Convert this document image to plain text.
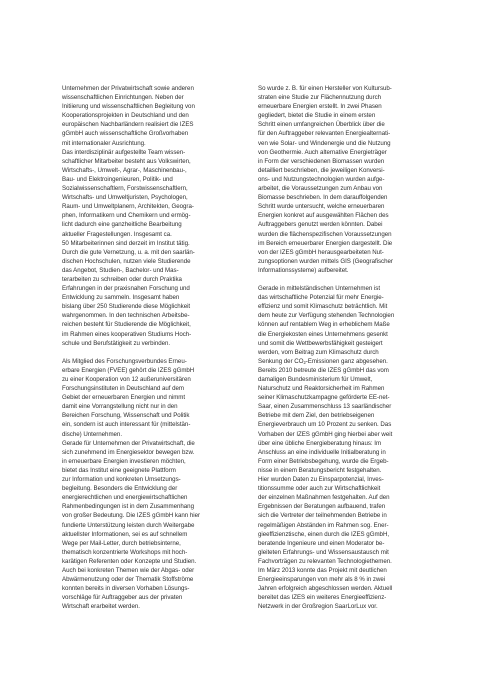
Unternehmen der Privatwirtschaft sowie anderen
wissenschaftlichen Einrichtungen. Neben der
Initiierung und wissenschaftlichen Begleitung von
Kooperationsprojekten in Deutschland und den
europäischen Nachbarländern realisiert die IZES
gGmbH auch wissenschaftliche Großvorhaben
mit internationaler Ausrichtung.
Das interdisziplinär aufgestellte Team wissen-
schaftlicher Mitarbeiter besteht aus Volkswirten,
Wirtschafts-, Umwelt-, Agrar-, Maschinenbau-,
Bau- und Elektroingenieuren, Politik- und
Sozialwissenschaftlern, Forstwissenschaftlern,
Wirtschafts- und Umweltjuristen, Psychologen,
Raum- und Umweltplanern, Architekten, Geogra-
phen, Informatikern und Chemikern und ermög-
licht dadurch eine ganzheitliche Bearbeitung
aktueller Fragestellungen. Insgesamt ca.
50 Mitarbeiterinnen sind derzeit im Institut tätig.
Durch die gute Vernetzung, u. a. mit den saarlän-
dischen Hochschulen, nutzen viele Studierende
das Angebot, Studien-, Bachelor- und Mas-
terarbeiten zu schreiben oder durch Praktika
Erfahrungen in der praxisnahen Forschung und
Entwicklung zu sammeln. Insgesamt haben
bislang über 250 Studierende diese Möglichkeit
wahrgenommen. In den technischen Arbeitsbe-
reichen besteht für Studierende die Möglichkeit,
im Rahmen eines kooperativen Studiums Hoch-
schule und Berufstätigkeit zu verbinden.
Als Mitglied des Forschungsverbundes Erneu-
erbare Energien (FVEE) gehört die IZES gGmbH
zu einer Kooperation von 12 außeruniversitären
Forschungsinstituten in Deutschland auf dem
Gebiet der erneuerbaren Energien und nimmt
damit eine Vorrangstellung nicht nur in den
Bereichen Forschung, Wissenschaft und Politik
ein, sondern ist auch interessant für (mittelstän-
dische) Unternehmen.
Gerade für Unternehmen der Privatwirtschaft, die
sich zunehmend im Energiesektor bewegen bzw.
in erneuerbare Energien investieren möchten,
bietet das Institut eine geeignete Plattform
zur Information und konkreten Umsetzungs-
begleitung. Besonders die Entwicklung der
energierechtlichen und energiewirtschaftlichen
Rahmenbedingungen ist in dem Zusammenhang
von großer Bedeutung. Die IZES gGmbH kann hier
fundierte Unterstützung leisten durch Weitergabe
aktuellster Informationen, sei es auf schnellem
Wege per Mail-Letter, durch betriebsinterne,
thematisch konzentrierte Workshops mit hoch-
karätigen Referenten oder Konzepte und Studien.
Auch bei konkreten Themen wie der Abgas- oder
Abwärmenutzung oder der Thematik Stoffströme
konnten bereits in diversen Vorhaben Lösungs-
vorschläge für Auftraggeber aus der privaten
Wirtschaft erarbeitet werden.
So wurde z. B. für einen Hersteller von Kultursub-
straten eine Studie zur Flächennutzung durch
erneuerbare Energien erstellt. In zwei Phasen
gegliedert, bietet die Studie in einem ersten
Schritt einen umfangreichen Überblick über die
für den Auftraggeber relevanten Energiealternati-
ven wie Solar- und Windenergie und die Nutzung
von Geothermie. Auch alternative Energieträger
in Form der verschiedenen Biomassen wurden
detailliert beschrieben, die jeweiligen Konversi-
ons- und Nutzungstechnologien wurden aufge-
arbeitet, die Voraussetzungen zum Anbau von
Biomasse beschrieben. In dem darauffolgenden
Schritt wurde untersucht, welche erneuerbaren
Energien konkret auf ausgewählten Flächen des
Auftraggebers genutzt werden könnten. Dabei
wurden die flächenspezifischen Voraussetzungen
im Bereich erneuerbarer Energien dargestellt. Die
von der IZES gGmbH herausgearbeiteten Nut-
zungsoptionen wurden mittels GIS (Geografischer
Informationssysteme) aufbereitet.
Gerade in mittelständischen Unternehmen ist
das wirtschaftliche Potenzial für mehr Energie-
effizienz und somit Klimaschutz beträchtlich. Mit
dem heute zur Verfügung stehenden Technologien
können auf rentablem Weg in erheblichem Maße
die Energiekosten eines Unternehmens gesenkt
und somit die Wettbewerbsfähigkeit gesteigert
werden, vom Beitrag zum Klimaschutz durch
Senkung der $CO_2$-Emissionen ganz abgesehen.
Bereits 2010 betreute die IZES gGmbH das vom
damaligen Bundesministerium für Umwelt,
Naturschutz und Reaktorsicherheit im Rahmen
seiner Klimaschutzkampagne geförderte EE-net-
Saar, einen Zusammenschluss 13 saarländischer
Betriebe mit dem Ziel, den betriebseigenen
Energieverbrauch um 10 Prozent zu senken. Das
Vorhaben der IZES gGmbH ging hierbei aber weit
über eine übliche Energieberatung hinaus: Im
Anschluss an eine individuelle Initialberatung in
Form einer Betriebsbegehung, wurde die Ergeb-
nisse in einem Beratungsbericht festgehalten.
Hier wurden Daten zu Einsparpotenzial, Inves-
titionssumme oder auch zur Wirtschaftlichkeit
der einzelnen Maßnahmen festgehalten. Auf den
Ergebnissen der Beratungen aufbauend, trafen
sich die Vertreter der teilnehmenden Betriebe in
regelmäßigen Abständen im Rahmen sog. Ener-
gieeffizienztische, einen durch die IZES gGmbH,
beratende Ingenieure und einen Moderator be-
gleiteten Erfahrungs- und Wissensaustausch mit
Fachvorträgen zu relevanten Technologiethemen.
Im März 2013 konnte das Projekt mit deutlichen
Energieeinsparungen von mehr als 8 % in zwei
Jahren erfolgreich abgeschlossen werden. Aktuell
bereitet das IZES ein weiteres Energieeffizienz-
Netzwerk in der Großregion SaarLorLux vor.
